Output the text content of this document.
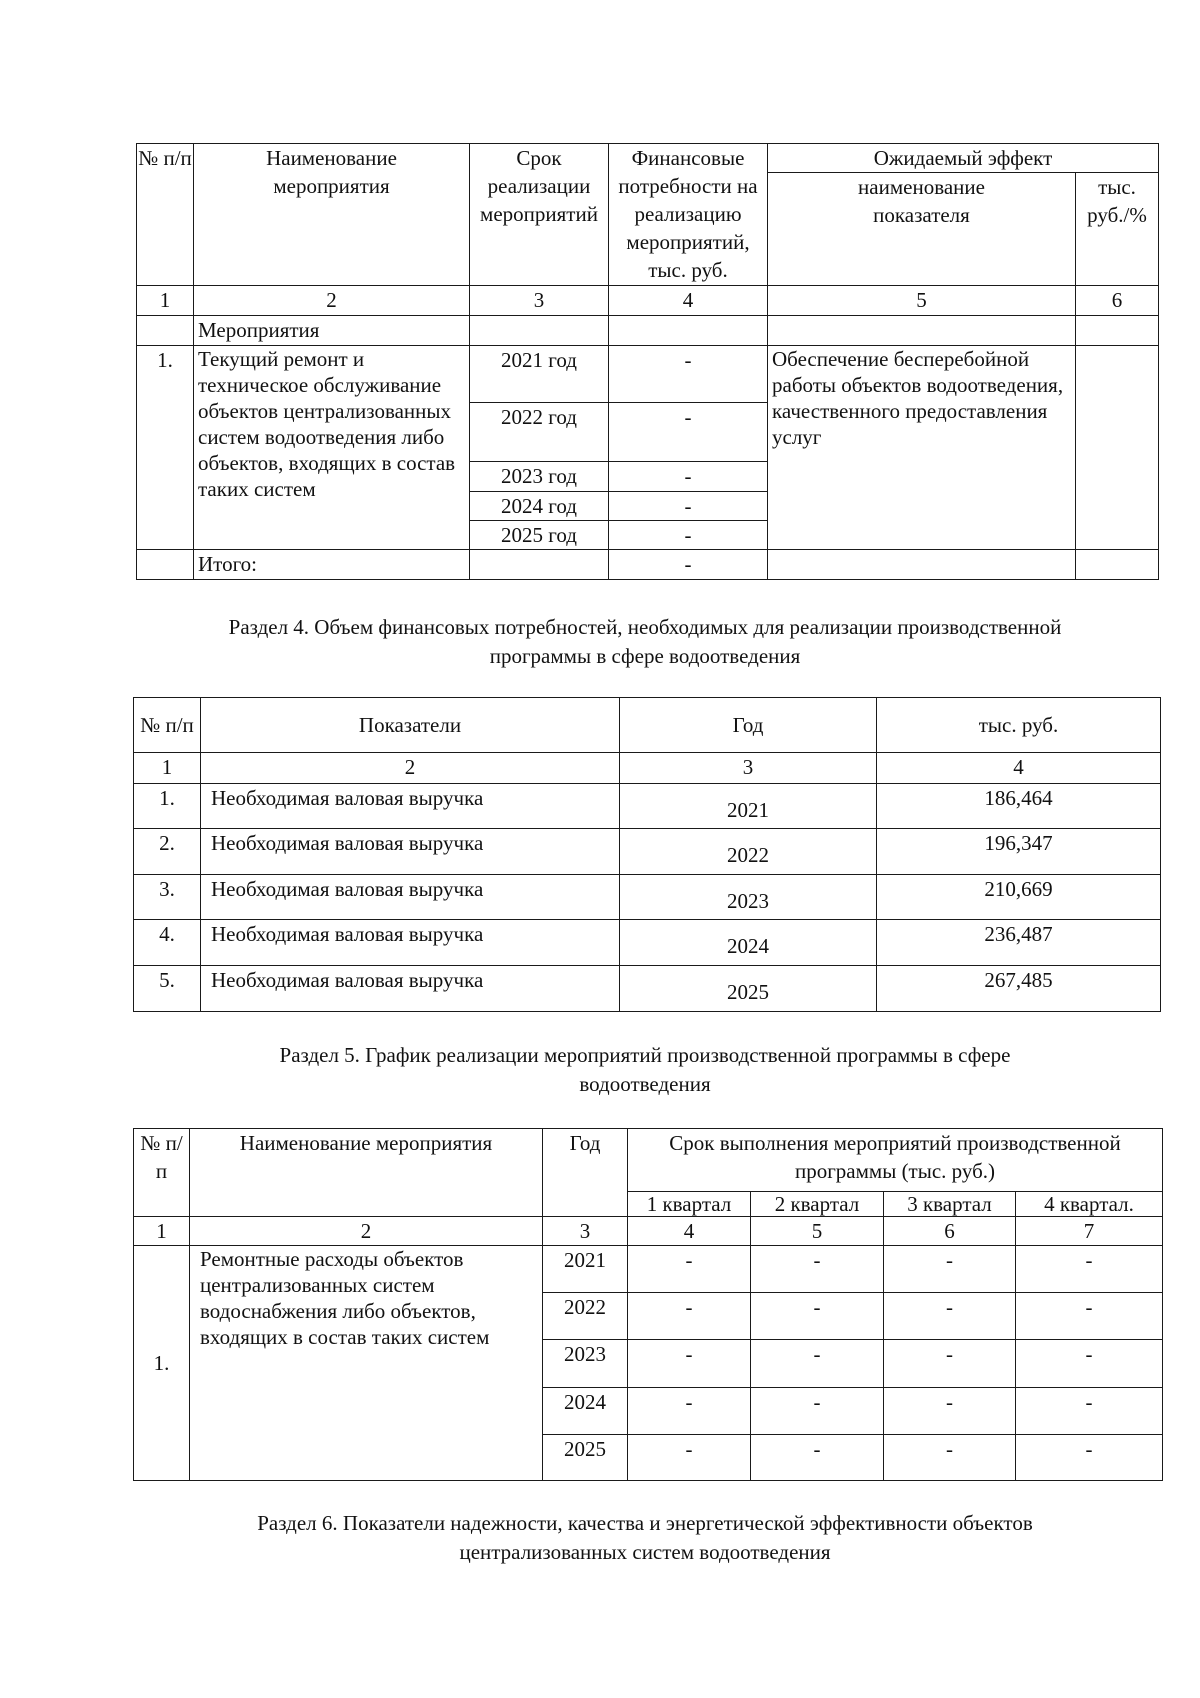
№ п/п	Наименование мероприятия	Срок реализации мероприятий	Финансовые потребности на реализацию мероприятий, тыс. руб.	Ожидаемый эффект	
				наименование показателя	тыс. руб./%
1	2	3	4	5	6
	Мероприятия				
1.	Текущий ремонт и техническое обслуживание объектов централизованных систем водоотведения либо объектов, входящих в состав таких систем	2021 год	-	Обеспечение бесперебойной работы объектов водоотведения, качественного предоставления услуг	
		2022 год	-		
		2023 год	-		
		2024 год	-		
		2025 год	-		
	Итого:		-		
Раздел 4. Объем финансовых потребностей, необходимых для реализации производственной
программы в сфере водоотведения
№ п/п	Показатели	Год	тыс. руб.
1	2	3	4
1.	Необходимая валовая выручка	2021	186,464
2.	Необходимая валовая выручка	2022	196,347
3.	Необходимая валовая выручка	2023	210,669
4.	Необходимая валовая выручка	2024	236,487
5.	Необходимая валовая выручка	2025	267,485
Раздел 5. График реализации мероприятий производственной программы в сфере
водоотведения
№ п/п	Наименование мероприятия	Год	Срок выполнения мероприятий производственной программы (тыс. руб.)			
			1 квартал	2 квартал	3 квартал	4 квартал.
1	2	3	4	5	6	7
1.	Ремонтные расходы объектов централизованных систем водоснабжения либо объектов, входящих в состав таких систем	2021	-	-	-	-
		2022	-	-	-	-
		2023	-	-	-	-
		2024	-	-	-	-
		2025	-	-	-	-
Раздел 6. Показатели надежности, качества и энергетической эффективности объектов
централизованных систем водоотведения
